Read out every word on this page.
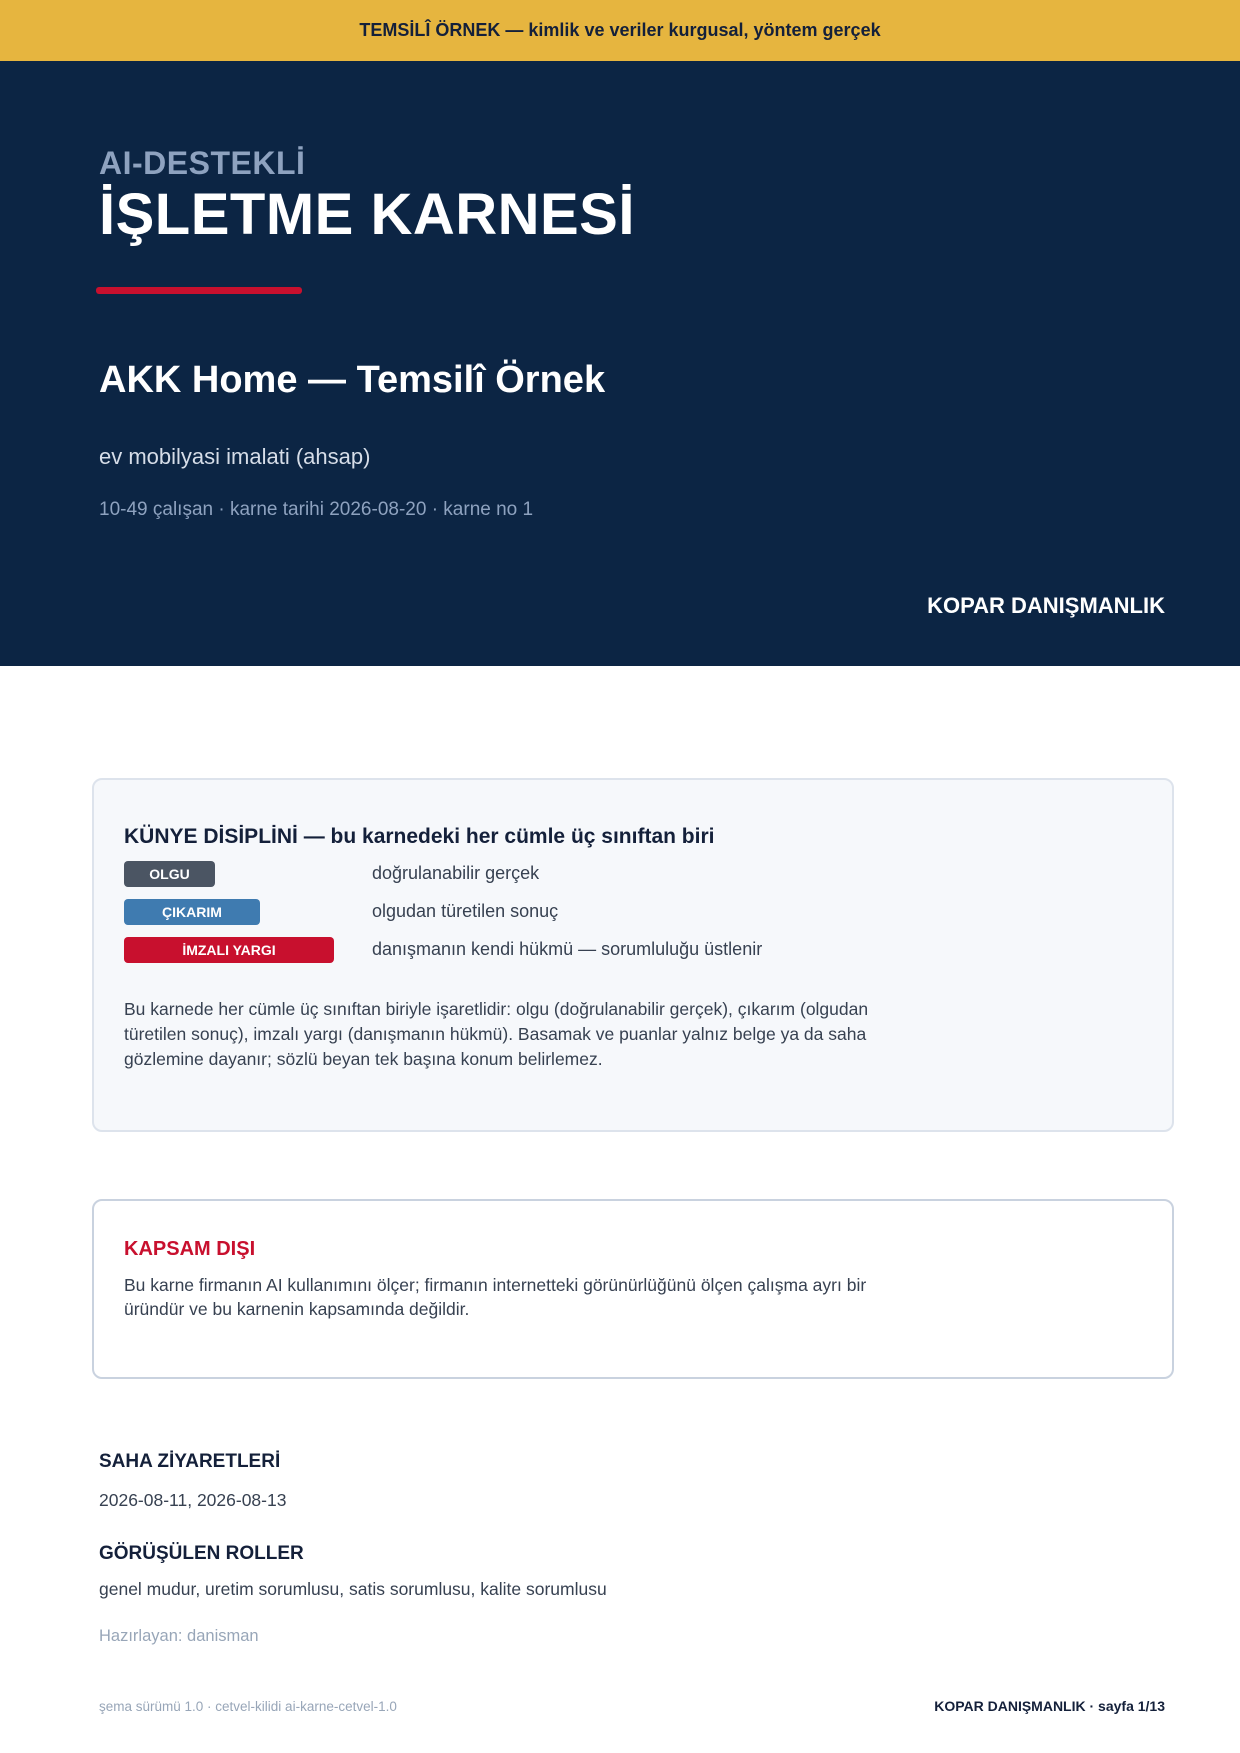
TEMSİLÎ ÖRNEK — kimlik ve veriler kurgusal, yöntem gerçek
AI-DESTEKLİ
İŞLETME KARNESİ
AKK Home — Temsilî Örnek
ev mobilyasi imalati (ahsap)
10-49 çalışan · karne tarihi 2026-08-20 · karne no 1
KOPAR DANIŞMANLIK
KÜNYE DİSİPLİNİ — bu karnedeki her cümle üç sınıftan biri
OLGU	doğrulanabilir gerçek
ÇIKARIM	olgudan türetilen sonuç
İMZALI YARGI	danışmanın kendi hükmü — sorumluluğu üstlenir
Bu karnede her cümle üç sınıftan biriyle işaretlidir: olgu (doğrulanabilir gerçek), çıkarım (olgudan türetilen sonuç), imzalı yargı (danışmanın hükmü). Basamak ve puanlar yalnız belge ya da saha gözlemine dayanır; sözlü beyan tek başına konum belirlemez.
KAPSAM DIŞI
Bu karne firmanın AI kullanımını ölçer; firmanın internetteki görünürlüğünü ölçen çalışma ayrı bir üründür ve bu karnenin kapsamında değildir.
SAHA ZİYARETLERİ
2026-08-11, 2026-08-13
GÖRÜŞÜLEN ROLLER
genel mudur, uretim sorumlusu, satis sorumlusu, kalite sorumlusu
Hazırlayan: danisman
şema sürümü 1.0 · cetvel-kilidi ai-karne-cetvel-1.0	KOPAR DANIŞMANLIK · sayfa 1/13
